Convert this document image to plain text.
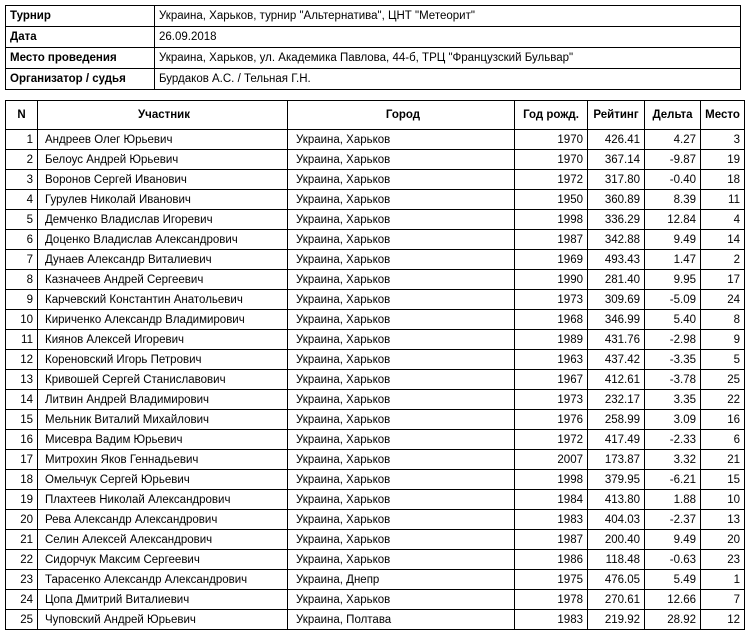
Турнир	Украина, Харьков, турнир "Альтернатива", ЦНТ "Метеорит"
Дата	26.09.2018
Место проведения	Украина, Харьков, ул. Академика Павлова, 44-б, ТРЦ "Французский Бульвар"
Организатор / судья	Бурдаков А.С. / Тельная Г.Н.
N	Участник	Город	Год рожд.	Рейтинг	Дельта	Место
1	Андреев Олег Юрьевич	Украина, Харьков	1970	426.41	4.27	3
2	Белоус Андрей Юрьевич	Украина, Харьков	1970	367.14	-9.87	19
3	Воронов Сергей Иванович	Украина, Харьков	1972	317.80	-0.40	18
4	Гурулев Николай Иванович	Украина, Харьков	1950	360.89	8.39	11
5	Демченко Владислав Игоревич	Украина, Харьков	1998	336.29	12.84	4
6	Доценко Владислав Александрович	Украина, Харьков	1987	342.88	9.49	14
7	Дунаев Александр Виталиевич	Украина, Харьков	1969	493.43	1.47	2
8	Казначеев Андрей Сергеевич	Украина, Харьков	1990	281.40	9.95	17
9	Карчевский Константин Анатольевич	Украина, Харьков	1973	309.69	-5.09	24
10	Кириченко Александр Владимирович	Украина, Харьков	1968	346.99	5.40	8
11	Киянов Алексей Игоревич	Украина, Харьков	1989	431.76	-2.98	9
12	Кореновский Игорь Петрович	Украина, Харьков	1963	437.42	-3.35	5
13	Кривошей Сергей Станиславович	Украина, Харьков	1967	412.61	-3.78	25
14	Литвин Андрей Владимирович	Украина, Харьков	1973	232.17	3.35	22
15	Мельник Виталий Михайлович	Украина, Харьков	1976	258.99	3.09	16
16	Мисевра Вадим Юрьевич	Украина, Харьков	1972	417.49	-2.33	6
17	Митрохин Яков Геннадьевич	Украина, Харьков	2007	173.87	3.32	21
18	Омельчук Сергей Юрьевич	Украина, Харьков	1998	379.95	-6.21	15
19	Плахтеев Николай Александрович	Украина, Харьков	1984	413.80	1.88	10
20	Рева Александр Александрович	Украина, Харьков	1983	404.03	-2.37	13
21	Селин Алексей Александрович	Украина, Харьков	1987	200.40	9.49	20
22	Сидорчук Максим Сергеевич	Украина, Харьков	1986	118.48	-0.63	23
23	Тарасенко Александр Александрович	Украина, Днепр	1975	476.05	5.49	1
24	Цопа Дмитрий Виталиевич	Украина, Харьков	1978	270.61	12.66	7
25	Чуповский Андрей Юрьевич	Украина, Полтава	1983	219.92	28.92	12
